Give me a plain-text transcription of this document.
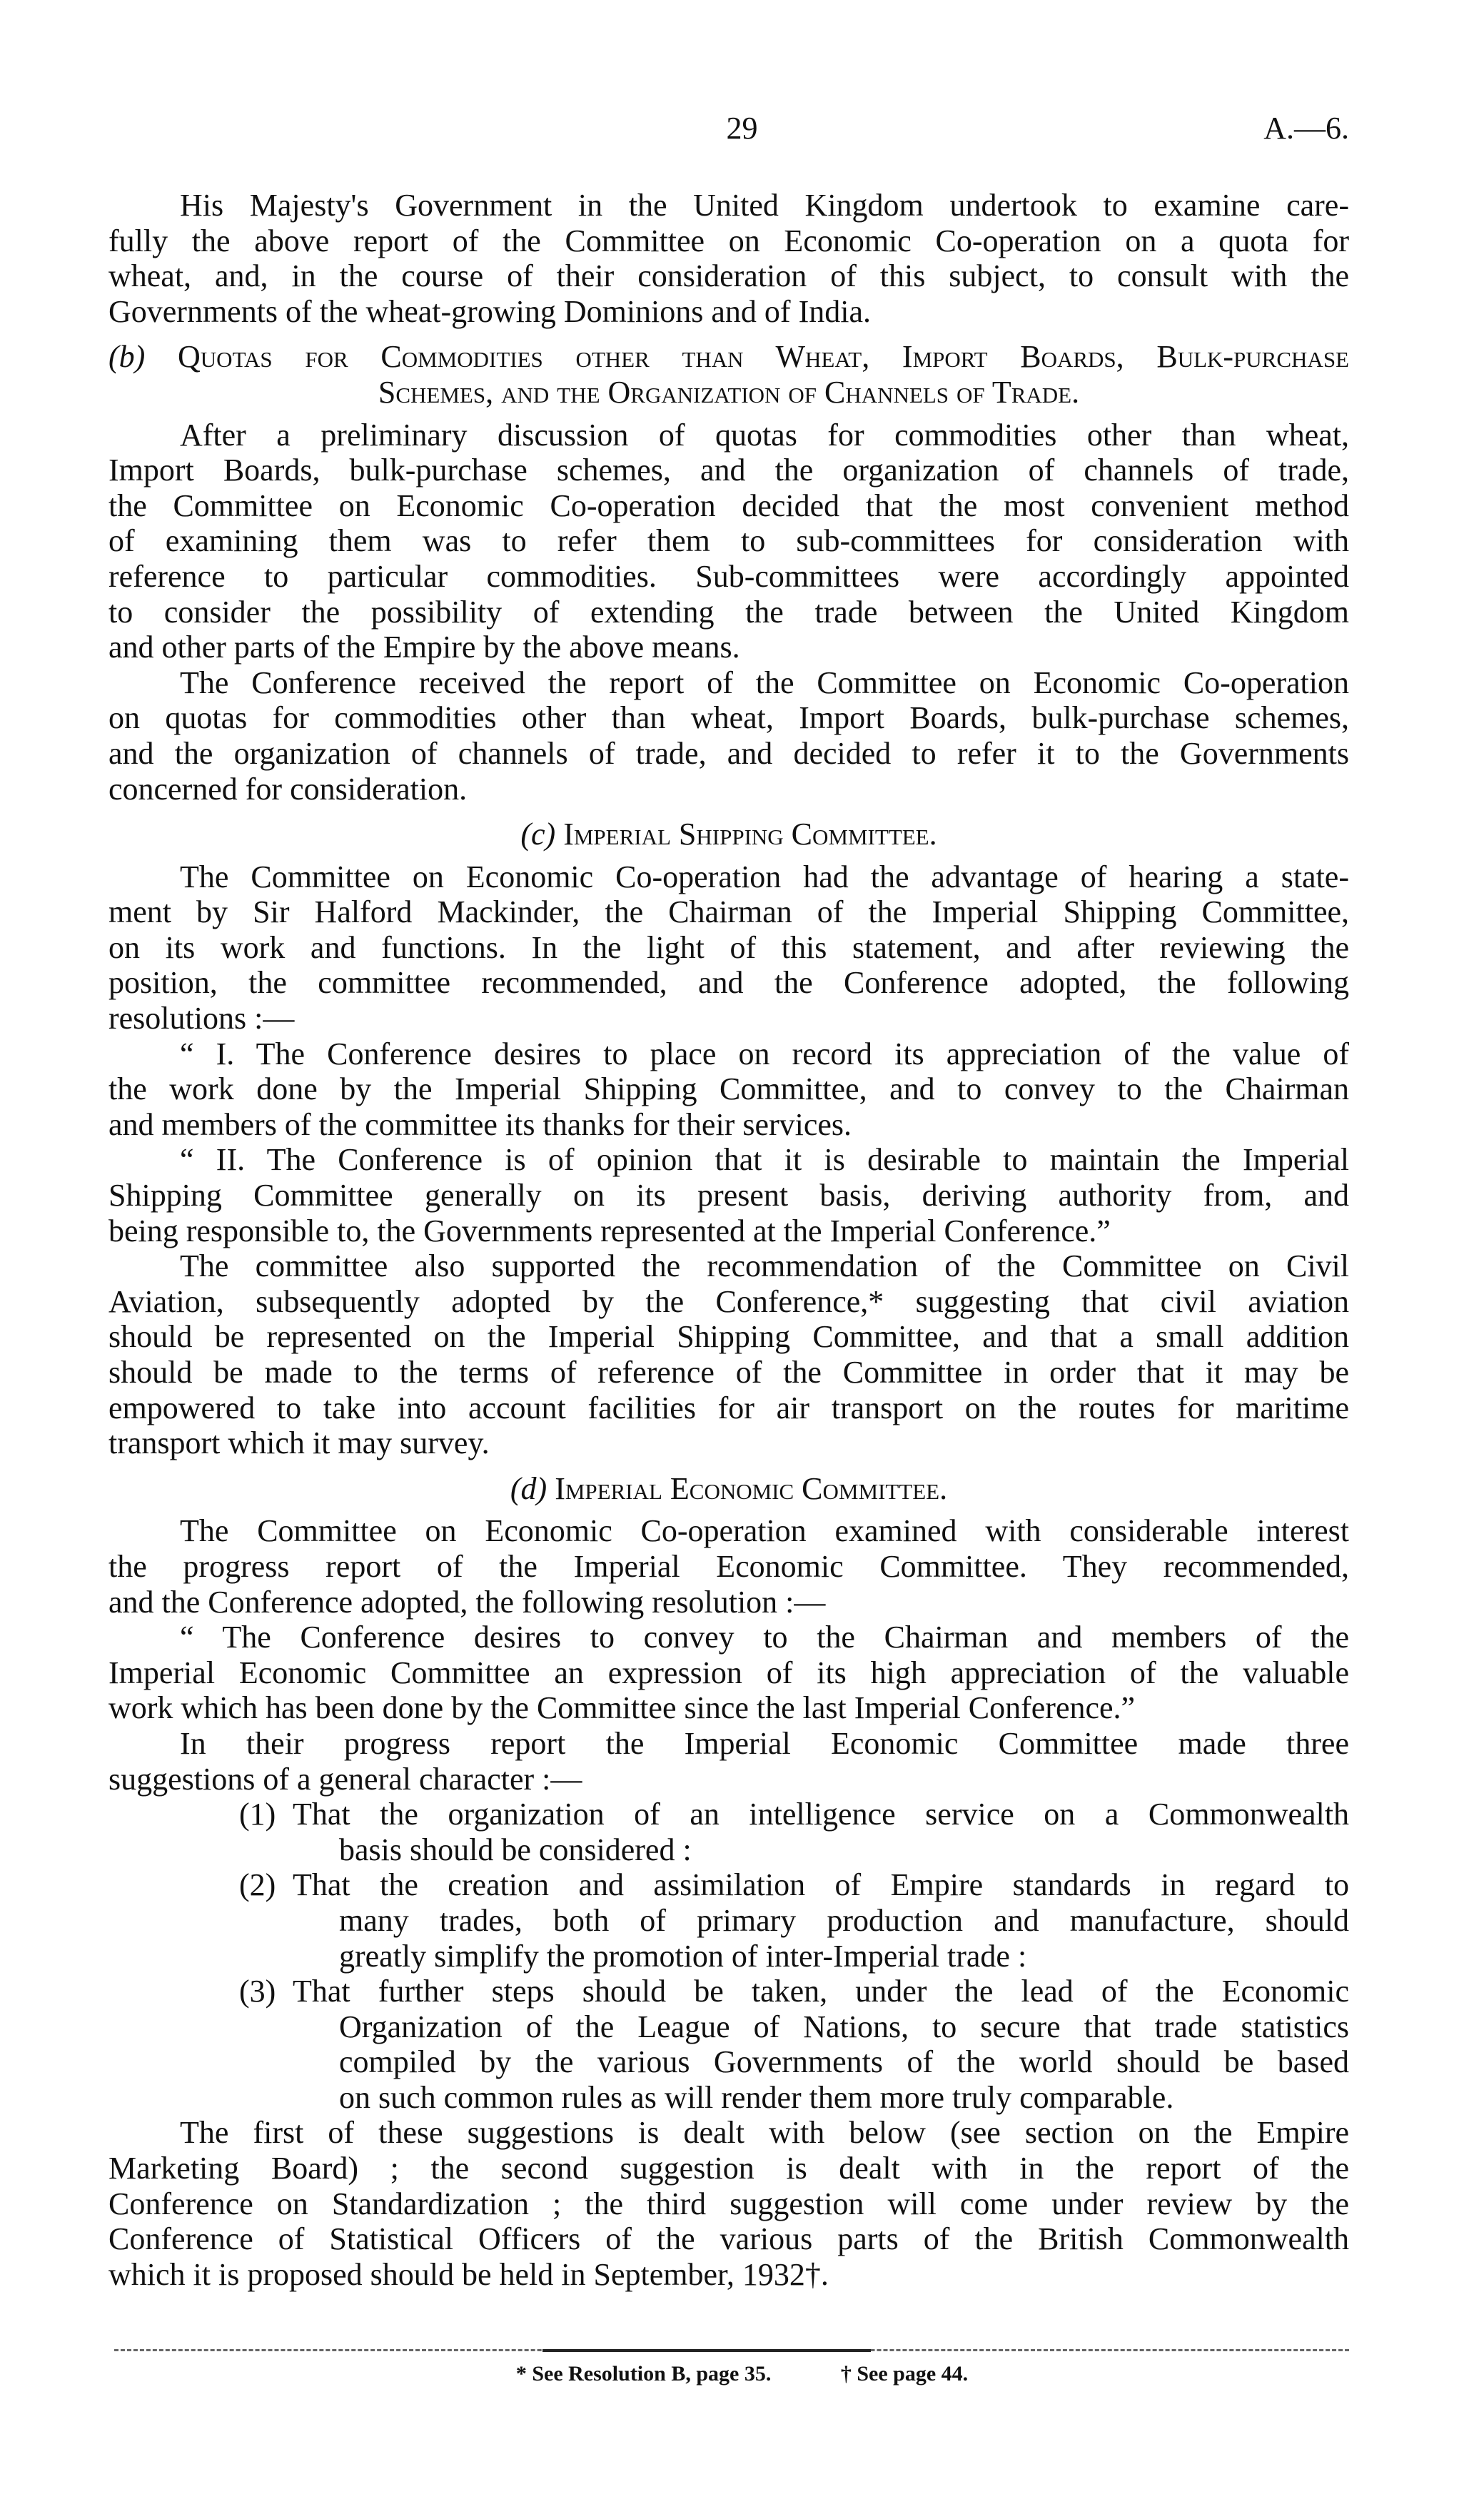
29	A.—6.
His Majesty's Government in the United Kingdom undertook to examine care-
fully the above report of the Committee on Economic Co-operation on a quota for
wheat, and, in the course of their consideration of this subject, to consult with the
Governments of the wheat-growing Dominions and of India.
(b) Quotas for Commodities other than Wheat, Import Boards, Bulk-purchase
Schemes, and the Organization of Channels of Trade.
After a preliminary discussion of quotas for commodities other than wheat,
Import Boards, bulk-purchase schemes, and the organization of channels of trade,
the Committee on Economic Co-operation decided that the most convenient method
of examining them was to refer them to sub-committees for consideration with
reference to particular commodities. Sub-committees were accordingly appointed
to consider the possibility of extending the trade between the United Kingdom
and other parts of the Empire by the above means.
The Conference received the report of the Committee on Economic Co-operation
on quotas for commodities other than wheat, Import Boards, bulk-purchase schemes,
and the organization of channels of trade, and decided to refer it to the Governments
concerned for consideration.
(c) Imperial Shipping Committee.
The Committee on Economic Co-operation had the advantage of hearing a state-
ment by Sir Halford Mackinder, the Chairman of the Imperial Shipping Committee,
on its work and functions. In the light of this statement, and after reviewing the
position, the committee recommended, and the Conference adopted, the following
resolutions :—
“ I. The Conference desires to place on record its appreciation of the value of
the work done by the Imperial Shipping Committee, and to convey to the Chairman
and members of the committee its thanks for their services.
“ II. The Conference is of opinion that it is desirable to maintain the Imperial
Shipping Committee generally on its present basis, deriving authority from, and
being responsible to, the Governments represented at the Imperial Conference.”
The committee also supported the recommendation of the Committee on Civil
Aviation, subsequently adopted by the Conference,* suggesting that civil aviation
should be represented on the Imperial Shipping Committee, and that a small addition
should be made to the terms of reference of the Committee in order that it may be
empowered to take into account facilities for air transport on the routes for maritime
transport which it may survey.
(d) Imperial Economic Committee.
The Committee on Economic Co-operation examined with considerable interest
the progress report of the Imperial Economic Committee. They recommended,
and the Conference adopted, the following resolution :—
“ The Conference desires to convey to the Chairman and members of the
Imperial Economic Committee an expression of its high appreciation of the valuable
work which has been done by the Committee since the last Imperial Conference.”
In their progress report the Imperial Economic Committee made three
suggestions of a general character :—
(1) That the organization of an intelligence service on a Commonwealth
basis should be considered :
(2) That the creation and assimilation of Empire standards in regard to
many trades, both of primary production and manufacture, should
greatly simplify the promotion of inter-Imperial trade :
(3) That further steps should be taken, under the lead of the Economic
Organization of the League of Nations, to secure that trade statistics
compiled by the various Governments of the world should be based
on such common rules as will render them more truly comparable.
The first of these suggestions is dealt with below (see section on the Empire
Marketing Board) ; the second suggestion is dealt with in the report of the
Conference on Standardization ; the third suggestion will come under review by the
Conference of Statistical Officers of the various parts of the British Commonwealth
which it is proposed should be held in September, 1932†.
* See Resolution B, page 35.	† See page 44.
